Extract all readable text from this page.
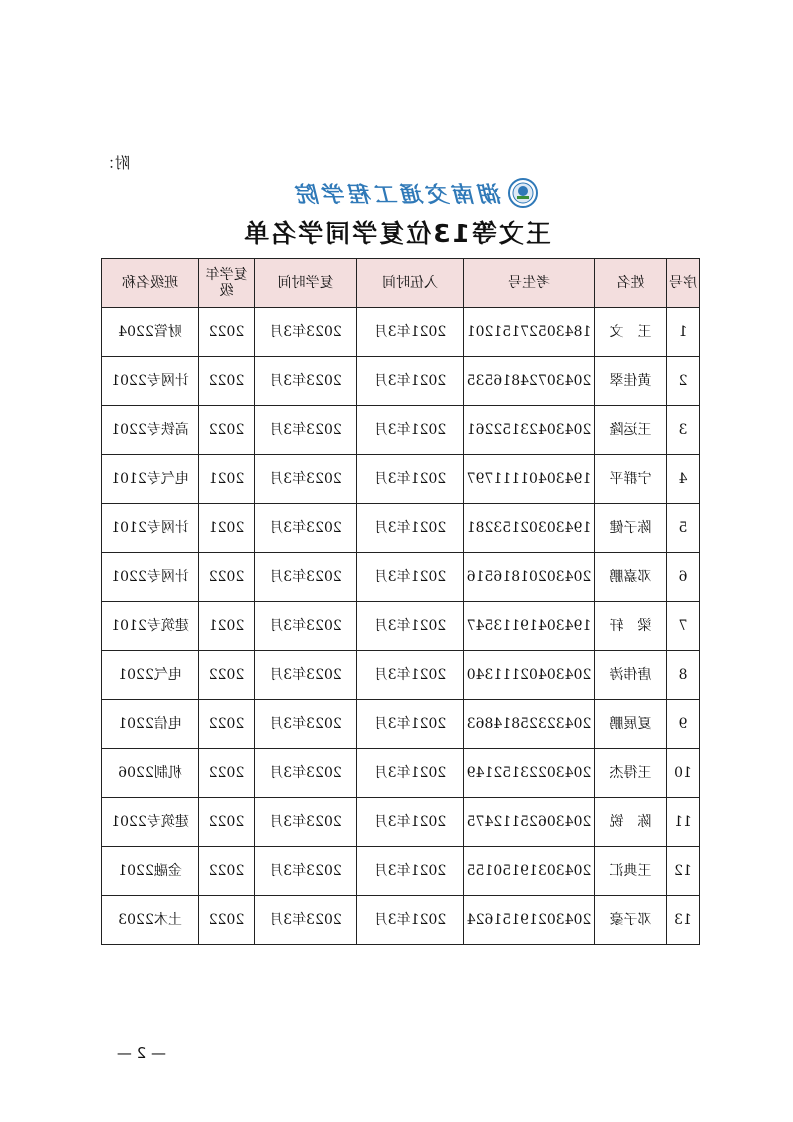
附：
湖南交通工程学院
王文等13位复学同学名单
序号	姓名	考生号	入伍时间	复学时间	复学年级	班级名称
1	王　文	18430527151201	2021年3月	2023年3月	2022	财管2204
2	黄佳翠	20430724816535	2021年3月	2023年3月	2022	计网专2201
3	王运隆	20430423152261	2021年3月	2023年3月	2022	高铁专2201
4	宁群平	19430401111797	2021年3月	2023年3月	2021	电气专2101
5	陈子健	19430302153281	2021年3月	2023年3月	2021	计网专2101
6	邓嘉鹏	20430201816516	2021年3月	2023年3月	2022	计网专2201
7	梁　轩	19430419113547	2021年3月	2023年3月	2021	建筑专2101
8	唐伟涛	20430402111340	2021年3月	2023年3月	2022	电气2201
9	夏展鹏	20432325814863	2021年3月	2023年3月	2022	电信2201
10	王得杰	20430223152149	2021年3月	2023年3月	2022	机制2206
11	陈　锐	20430625112475	2021年3月	2023年3月	2022	建筑专2201
12	王典汇	20430319150155	2021年3月	2023年3月	2022	金融2201
13	邓子豪	20430219151624	2021年3月	2023年3月	2022	土木2203
— 2 —
